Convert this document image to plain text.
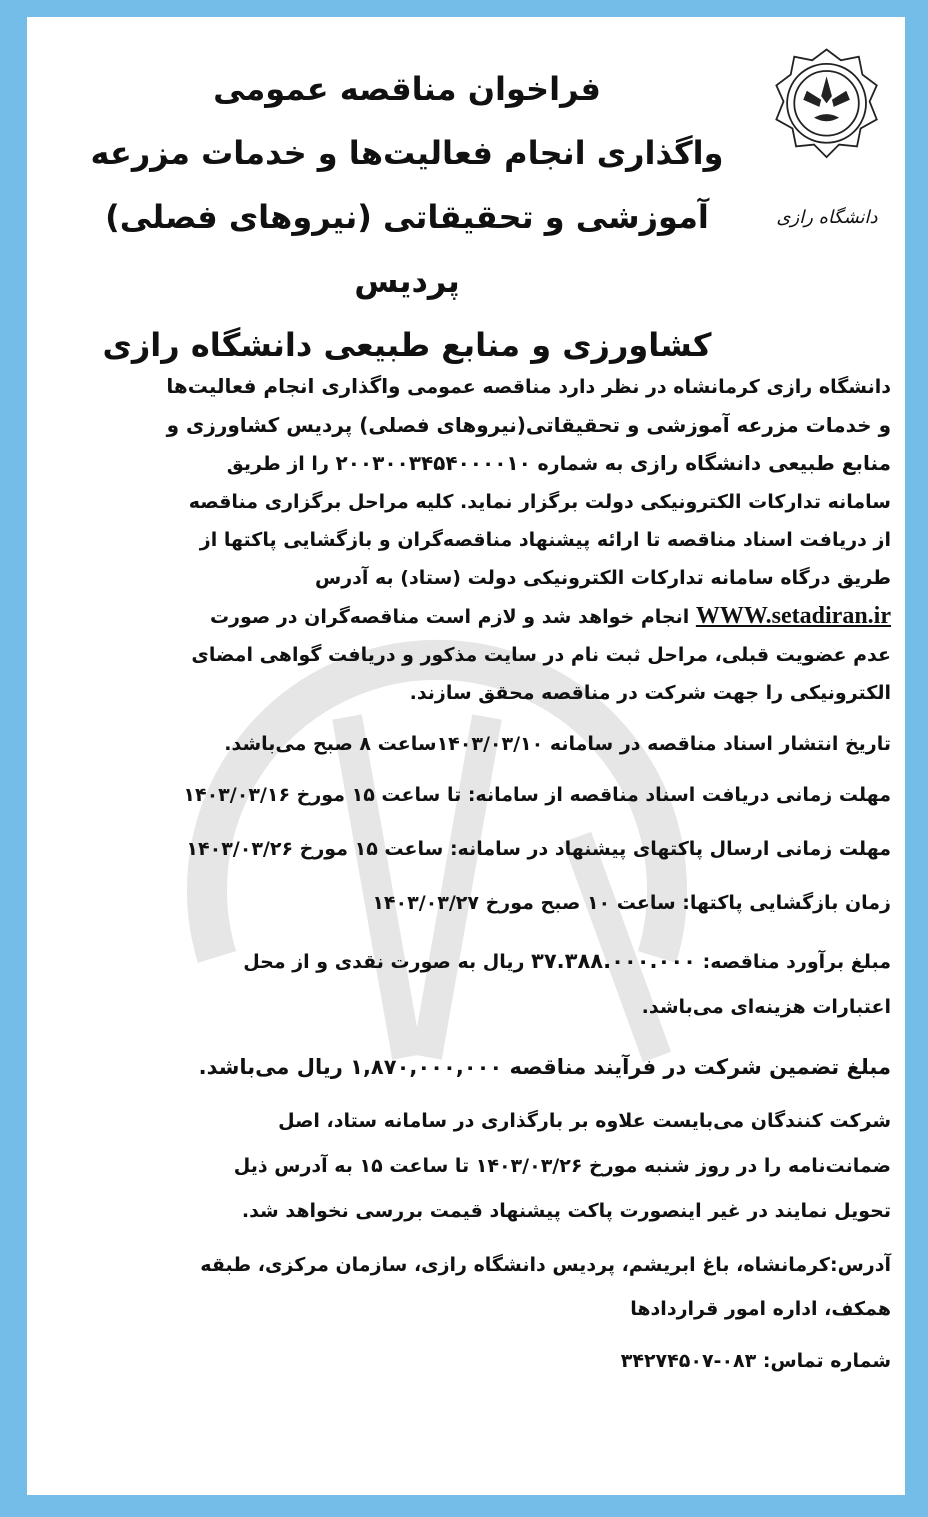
دانشگاه رازی
فراخوان مناقصه عمومی
واگذاری انجام فعالیت‌ها و خدمات مزرعه
آموزشی و تحقیقاتی (نیروهای فصلی) پردیس
کشاورزی و منابع طبیعی دانشگاه رازی
دانشگاه رازی کرمانشاه در نظر دارد مناقصه عمومی واگذاری انجام فعالیت‌ها
و خدمات مزرعه آموزشی و تحقیقاتی(نیروهای فصلی) پردیس کشاورزی و
منابع طبیعی دانشگاه رازی به شماره ۲۰۰۳۰۰۳۴۵۴۰۰۰۰۱۰ را از طریق
سامانه تدارکات الکترونیکی دولت برگزار نماید. کلیه مراحل برگزاری مناقصه
از دریافت اسناد مناقصه تا ارائه پیشنهاد مناقصه‌گران و بازگشایی پاکتها از
طریق درگاه سامانه تدارکات الکترونیکی دولت (ستاد) به آدرس
WWW.setadiran.ir انجام خواهد شد و لازم است مناقصه‌گران در صورت
عدم عضویت قبلی، مراحل ثبت نام در سایت مذکور و دریافت گواهی امضای
الکترونیکی را جهت شرکت در مناقصه محقق سازند.
تاریخ انتشار اسناد مناقصه در سامانه ۱۴۰۳/۰۳/۱۰ساعت ۸ صبح می‌باشد.
مهلت زمانی دریافت اسناد مناقصه از سامانه: تا ساعت ۱۵ مورخ ۱۴۰۳/۰۳/۱۶
مهلت زمانی ارسال پاکتهای پیشنهاد در سامانه: ساعت ۱۵ مورخ ۱۴۰۳/۰۳/۲۶
زمان بازگشایی پاکتها: ساعت ۱۰ صبح مورخ ۱۴۰۳/۰۳/۲۷
مبلغ برآورد مناقصه: ۳۷.۳۸۸.۰۰۰.۰۰۰ ریال به صورت نقدی و از محل
اعتبارات هزینه‌ای می‌باشد.
مبلغ تضمین شرکت در فرآیند مناقصه ۱,۸۷۰,۰۰۰,۰۰۰ ریال می‌باشد.
شرکت کنندگان می‌بایست علاوه بر بارگذاری در سامانه ستاد، اصل
ضمانت‌نامه را در روز شنبه مورخ ۱۴۰۳/۰۳/۲۶ تا ساعت ۱۵ به آدرس ذیل
تحویل نمایند در غیر اینصورت پاکت پیشنهاد قیمت بررسی نخواهد شد.
آدرس:کرمانشاه، باغ ابریشم، پردیس دانشگاه رازی، سازمان مرکزی، طبقه
همکف، اداره امور قراردادها
شماره تماس: ۰۸۳-۳۴۲۷۴۵۰۷
